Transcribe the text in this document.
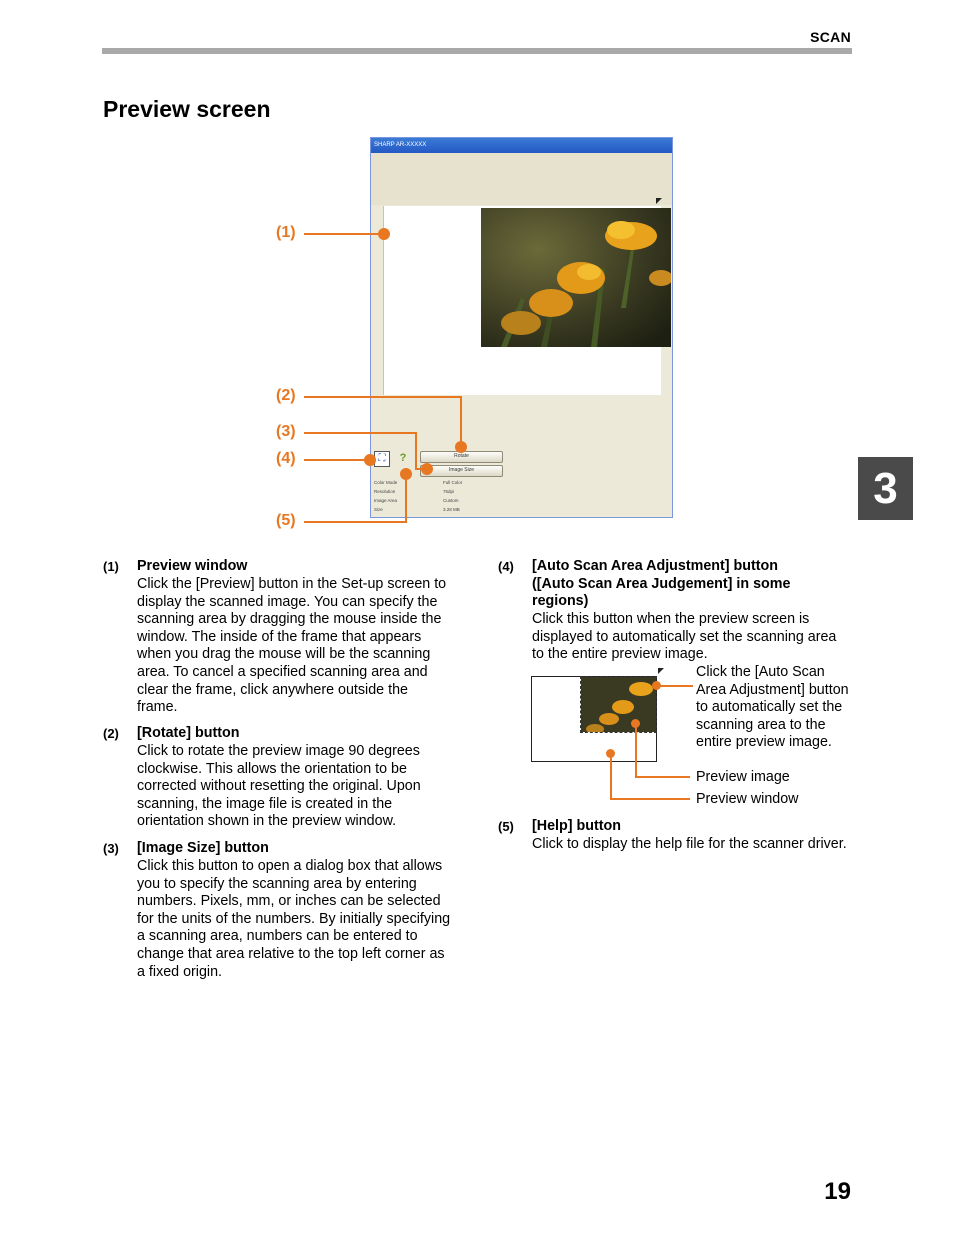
SCAN
Preview screen
3
19
SHARP AR-XXXXX
⛶	?	Rotate
Image Size
Color Mode	Full Color
Resolution	75dpi
Image Area	Custom
Size	3.28 MB
(1)
(2)
(3)
(4)
(5)
(1) Preview window
Click the [Preview] button in the Set-up screen to
display the scanned image. You can specify the
scanning area by dragging the mouse inside the
window. The inside of the frame that appears
when you drag the mouse will be the scanning
area. To cancel a specified scanning area and
clear the frame, click anywhere outside the
frame.
(2) [Rotate] button
Click to rotate the preview image 90 degrees
clockwise. This allows the orientation to be
corrected without resetting the original. Upon
scanning, the image file is created in the
orientation shown in the preview window.
(3) [Image Size] button
Click this button to open a dialog box that allows
you to specify the scanning area by entering
numbers. Pixels, mm, or inches can be selected
for the units of the numbers. By initially specifying
a scanning area, numbers can be entered to
change that area relative to the top left corner as
a fixed origin.
(4) [Auto Scan Area Adjustment] button
([Auto Scan Area Judgement] in some
regions)
Click this button when the preview screen is
displayed to automatically set the scanning area
to the entire preview image.
Click the [Auto Scan
Area Adjustment] button
to automatically set the
scanning area to the
entire preview image.
Preview image
Preview window
(5) [Help] button
Click to display the help file for the scanner driver.
